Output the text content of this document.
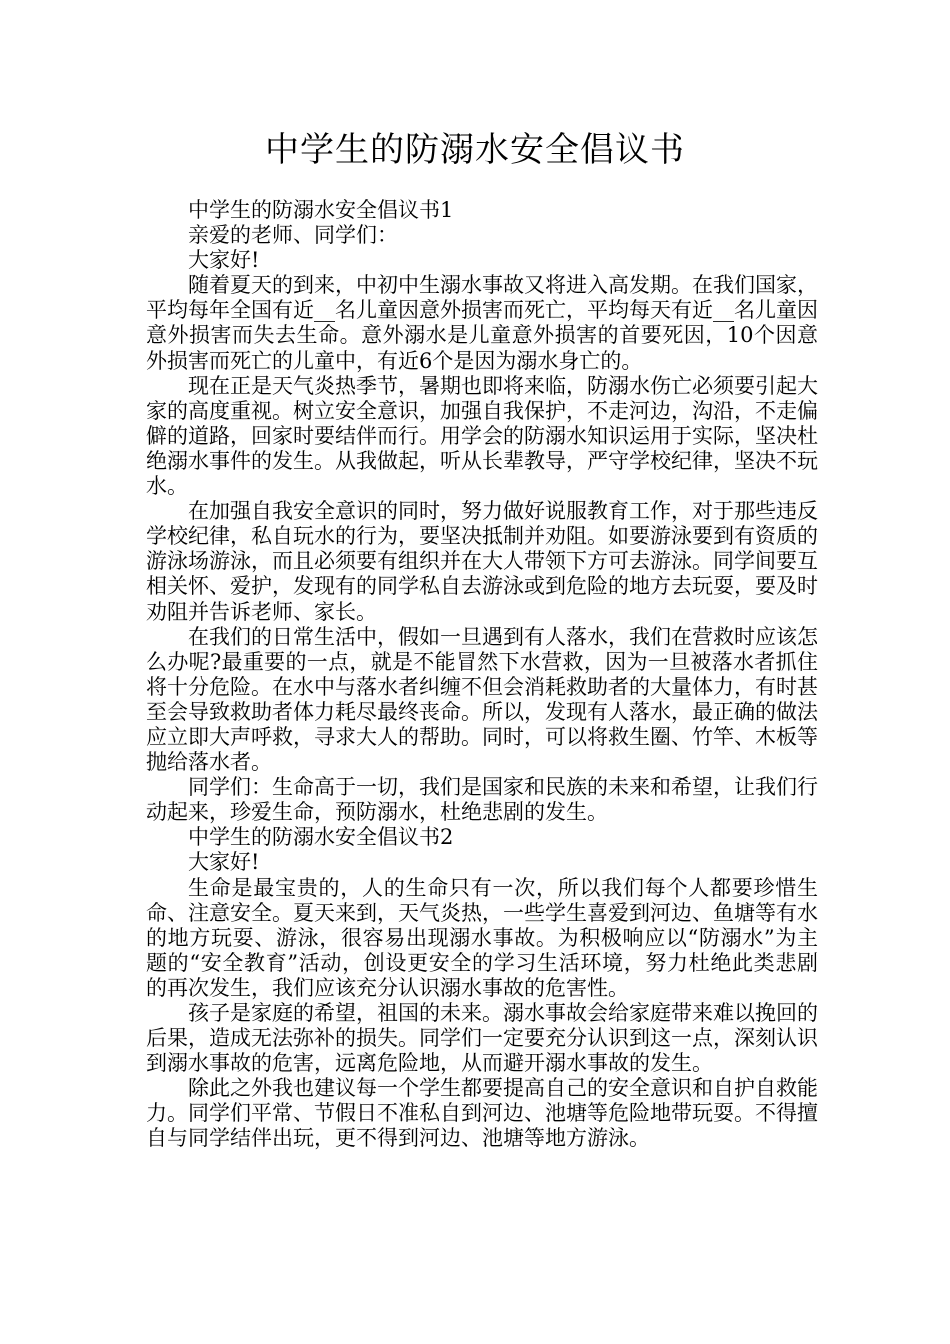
中学生的防溺水安全倡议书

中学生的防溺水安全倡议书1

亲爱的老师、同学们：

大家好!

随着夏天的到来，中初中生溺水事故又将进入高发期。在我们国家，平均每年全国有近__名儿童因意外损害而死亡，平均每天有近__名儿童因意外损害而失去生命。意外溺水是儿童意外损害的首要死因，10个因意外损害而死亡的儿童中，有近6个是因为溺水身亡的。

现在正是天气炎热季节，暑期也即将来临，防溺水伤亡必须要引起大家的高度重视。树立安全意识，加强自我保护，不走河边，沟沿，不走偏僻的道路，回家时要结伴而行。用学会的防溺水知识运用于实际，坚决杜绝溺水事件的发生。从我做起，听从长辈教导，严守学校纪律，坚决不玩水。

在加强自我安全意识的同时，努力做好说服教育工作，对于那些违反学校纪律，私自玩水的行为，要坚决抵制并劝阻。如要游泳要到有资质的游泳场游泳，而且必须要有组织并在大人带领下方可去游泳。同学间要互相关怀、爱护，发现有的同学私自去游泳或到危险的地方去玩耍，要及时劝阻并告诉老师、家长。

在我们的日常生活中，假如一旦遇到有人落水，我们在营救时应该怎么办呢?最重要的一点，就是不能冒然下水营救，因为一旦被落水者抓住将十分危险。在水中与落水者纠缠不但会消耗救助者的大量体力，有时甚至会导致救助者体力耗尽最终丧命。所以，发现有人落水，最正确的做法应立即大声呼救，寻求大人的帮助。同时，可以将救生圈、竹竿、木板等抛给落水者。

同学们：生命高于一切，我们是国家和民族的未来和希望，让我们行动起来，珍爱生命，预防溺水，杜绝悲剧的发生。

中学生的防溺水安全倡议书2

大家好!

生命是最宝贵的，人的生命只有一次，所以我们每个人都要珍惜生命、注意安全。夏天来到，天气炎热，一些学生喜爱到河边、鱼塘等有水的地方玩耍、游泳，很容易出现溺水事故。为积极响应以“防溺水”为主题的“安全教育”活动，创设更安全的学习生活环境，努力杜绝此类悲剧的再次发生，我们应该充分认识溺水事故的危害性。

孩子是家庭的希望，祖国的未来。溺水事故会给家庭带来难以挽回的后果，造成无法弥补的损失。同学们一定要充分认识到这一点，深刻认识到溺水事故的危害，远离危险地，从而避开溺水事故的发生。

除此之外我也建议每一个学生都要提高自己的安全意识和自护自救能力。同学们平常、节假日不准私自到河边、池塘等危险地带玩耍。不得擅自与同学结伴出玩，更不得到河边、池塘等地方游泳。
